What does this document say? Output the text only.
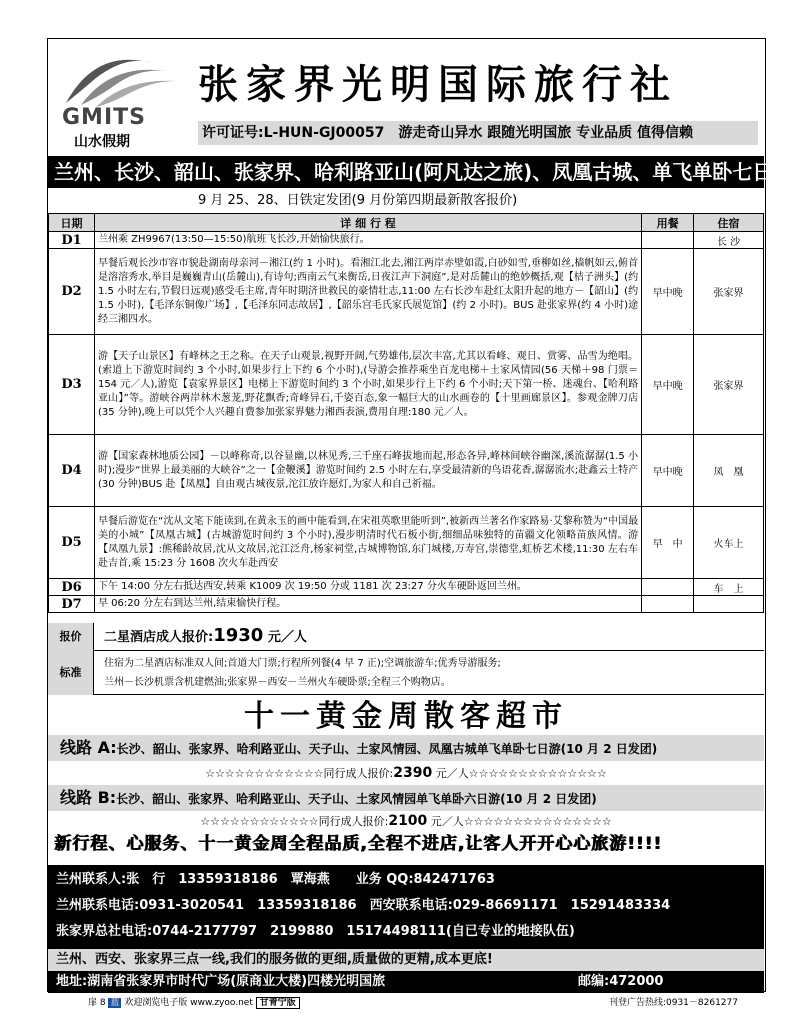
GMITS
山水假期
张家界光明国际旅行社
许可证号:L-HUN-GJ00057　游走奇山异水 跟随光明国旅 专业品质 值得信赖
兰州、长沙、韶山、张家界、哈利路亚山(阿凡达之旅)、凤凰古城、单飞单卧七日游
9 月 25、28、日铁定发团(9 月份第四期最新散客报价)
日期	详 细 行 程	用餐	住宿
D1	兰州乘 ZH9967(13:50—15:50)航班飞长沙,开始愉快旅行。		长 沙
D2	早餐后观长沙市容市貌赴湖南母亲河－湘江(约 1 小时)。看湘江北去,湘江两岸赤壁如霞,白砂如雪,垂柳如丝,樯帆如云,俯首是溶溶秀水,举目是巍巍青山(岳麓山),有诗句;西南云气来衡岳,日夜江声下洞庭”,是对岳麓山的绝妙概括,观【桔子洲头】(约 1.5 小时左右,节假日远观)感受毛主席,青年时期济世救民的豪情壮志,11:00 左右长沙车赴红太阳升起的地方－【韶山】(约 1.5 小时),【毛泽东铜像广场】,【毛泽东同志故居】,【韶乐宫毛氏家氏展览馆】(约 2 小时)。BUS 赴张家界(约 4 小时)途经三湘四水。	早中晚	张家界
D3	游【天子山景区】有峰林之王之称。在天子山观景,视野开阔,气势雄伟,层次丰富,尤其以看峰、观日、赏雾、品雪为绝唱。(索道上下游览时间约 3 个小时,如果步行上下约 6 个小时),(导游会推荐乘坐百龙电梯＋土家风情园(56 天梯＋98 门票＝154 元／人),游览【袁家界景区】电梯上下游览时间约 3 个小时,如果步行上下约 6 个小时;天下第一桥、迷魂台、【哈利路亚山】”等。游峡谷两岸林木葱茏,野花飘香;奇峰异石,千姿百态,象一幅巨大的山水画卷的【十里画廊景区】。参观金牌刀店(35 分钟),晚上可以凭个人兴趣自费参加张家界魅力湘西表演,费用自理:180 元／人。	早中晚	张家界
D4	游【国家森林地质公园】－以峰称奇,以谷显幽,以林见秀,三千座石峰拔地而起,形态各异,峰林间峡谷幽深,溪流潺潺(1.5 小时);漫步“世界上最美丽的大峡谷”之一【金鞭溪】游览时间约 2.5 小时左右,享受最清新的鸟语花香,潺潺流水;赴鑫云土特产(30 分钟)BUS 赴【凤凰】自由观古城夜景,沱江放许愿灯,为家人和自己祈福。	早中晚	凤　凰
D5	早餐后游览在“沈从文笔下能读到,在黄永玉的画中能看到,在宋祖英歌里能听到”,被新西兰著名作家路易·艾黎称赞为“中国最美的小城”【凤凰古城】(古城游览时间约 3 个小时),漫步明清时代石板小街,细细品味独特的苗疆文化领略苗族风情。游【凤凰九景】:熊稀龄故居,沈从文故居,沱江泛舟,杨家祠堂,古城博物馆,东门城楼,万寿宫,崇德堂,虹桥艺术楼,11:30 左右车赴吉首,乘 15:23 分 1608 次火车赴西安	早　中	火车上
D6	下午 14:00 分左右抵达西安,转乘 K1009 次 19:50 分或 1181 次 23:27 分火车硬卧返回兰州。		车　上
D7	早 06:20 分左右到达兰州,结束愉快行程。		
报价	二星酒店成人报价:1930 元／人
标准
住宿为二星酒店标准双人间;首道大门票;行程所列餐(4 早 7 正);空调旅游车;优秀导游服务;
兰州－长沙机票含机建燃油;张家界－西安－兰州火车硬卧票;全程三个购物店。
十一黄金周散客超市
线路 A:长沙、韶山、张家界、哈利路亚山、天子山、土家风情园、凤凰古城单飞单卧七日游(10 月 2 日发团)
☆☆☆☆☆☆☆☆☆☆☆☆同行成人报价:2390 元／人☆☆☆☆☆☆☆☆☆☆☆☆☆☆
线路 B:长沙、韶山、张家界、哈利路亚山、天子山、土家风情园单飞单卧六日游(10 月 2 日发团)
☆☆☆☆☆☆☆☆☆☆☆☆同行成人报价:2100 元／人☆☆☆☆☆☆☆☆☆☆☆☆☆☆☆
新行程、心服务、十一黄金周全程品质,全程不进店,让客人开开心心旅游!!!!
兰州联系人:张　行　13359318186　覃海燕　　业务 QQ:842471763
兰州联系电话:0931-3020541　13359318186　西安联系电话:029-86691171　15291483334
张家界总社电话:0744-2177797　2199880　15174498111(自已专业的地接队伍)
兰州、西安、张家界三点一线,我们的服务做的更细,质量做的更精,成本更底!
地址:湖南省张家界市时代广场(原商业大楼)四楼光明国旅	邮编:472000
扉 8 蓝 欢迎浏览电子版 www.zyoo.net 甘青宁版	刊登广告热线:0931－8261277
